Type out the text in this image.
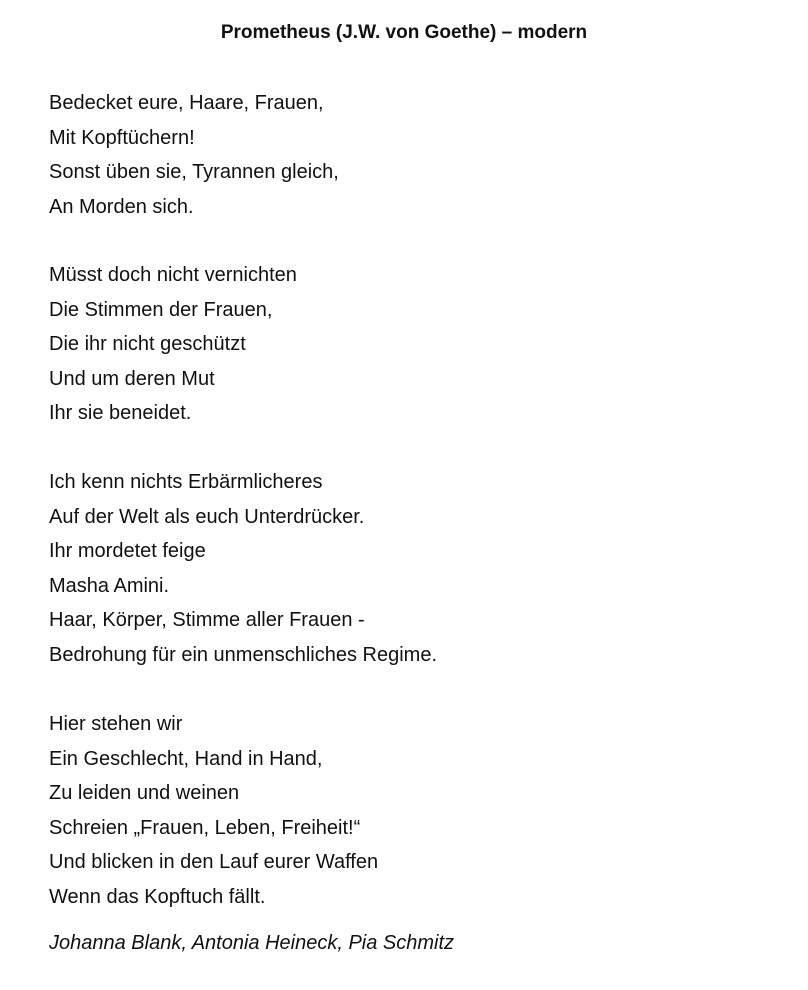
Prometheus (J.W. von Goethe) – modern
Bedecket eure, Haare, Frauen,
Mit Kopftüchern!
Sonst üben sie, Tyrannen gleich,
An Morden sich.
Müsst doch nicht vernichten
Die Stimmen der Frauen,
Die ihr nicht geschützt
Und um deren Mut
Ihr sie beneidet.
Ich kenn nichts Erbärmlicheres
Auf der Welt als euch Unterdrücker.
Ihr mordetet feige
Masha Amini.
Haar, Körper, Stimme aller Frauen -
Bedrohung für ein unmenschliches Regime.
Hier stehen wir
Ein Geschlecht, Hand in Hand,
Zu leiden und weinen
Schreien „Frauen, Leben, Freiheit!“
Und blicken in den Lauf eurer Waffen
Wenn das Kopftuch fällt.
Johanna Blank, Antonia Heineck, Pia Schmitz
